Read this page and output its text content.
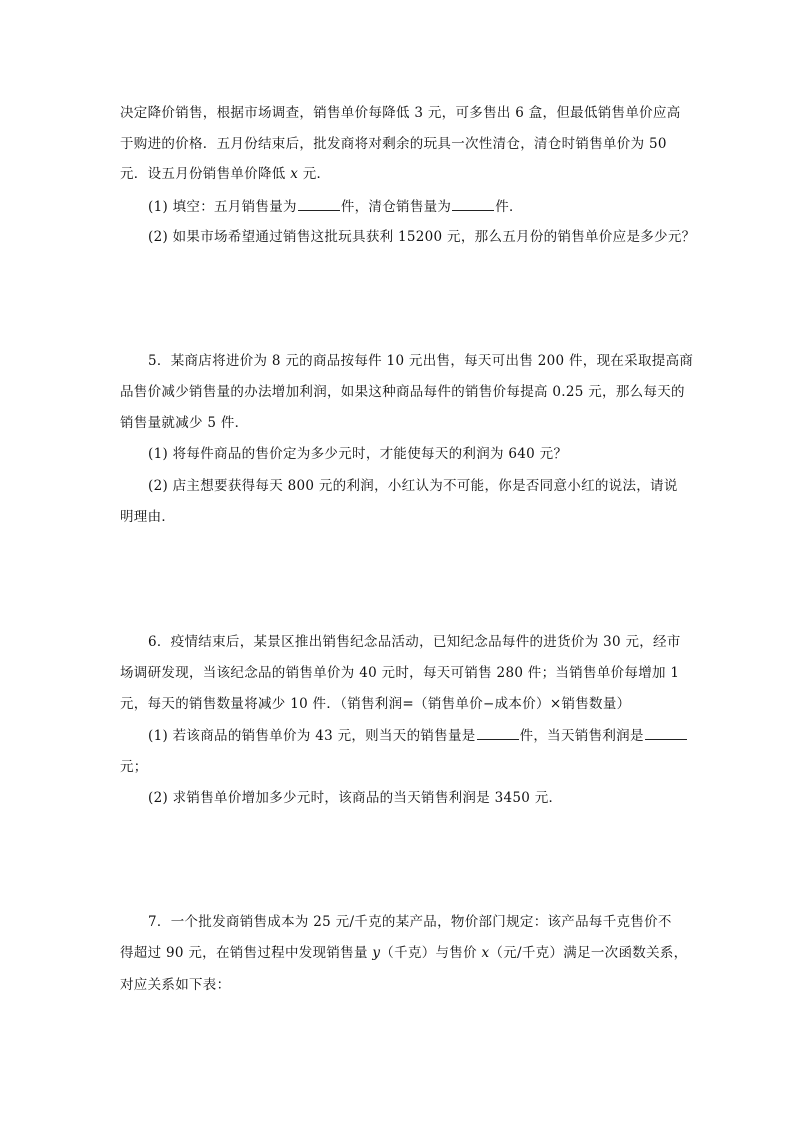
决定降价销售，根据市场调查，销售单价每降低 3 元，可多售出 6 盒，但最低销售单价应高
于购进的价格．五月份结束后，批发商将对剩余的玩具一次性清仓，清仓时销售单价为 50
元．设五月份销售单价降低 x 元．
(1) 填空：五月销售量为	件，清仓销售量为	件．
(2) 如果市场希望通过销售这批玩具获利 15200 元，那么五月份的销售单价应是多少元？
5．某商店将进价为 8 元的商品按每件 10 元出售，每天可出售 200 件，现在采取提高商
品售价减少销售量的办法增加利润，如果这种商品每件的销售价每提高 0.25 元，那么每天的
销售量就减少 5 件．
(1) 将每件商品的售价定为多少元时，才能使每天的利润为 640 元？
(2) 店主想要获得每天 800 元的利润，小红认为不可能，你是否同意小红的说法，请说
明理由．
6．疫情结束后，某景区推出销售纪念品活动，已知纪念品每件的进货价为 30 元，经市
场调研发现，当该纪念品的销售单价为 40 元时，每天可销售 280 件；当销售单价每增加 1
元，每天的销售数量将减少 10 件．（销售利润=（销售单价−成本价）×销售数量）
(1) 若该商品的销售单价为 43 元，则当天的销售量是	件，当天销售利润是
元；
(2) 求销售单价增加多少元时，该商品的当天销售利润是 3450 元．
7．一个批发商销售成本为 25 元/千克的某产品，物价部门规定：该产品每千克售价不
得超过 90 元，在销售过程中发现销售量 y（千克）与售价 x（元/千克）满足一次函数关系，
对应关系如下表：
